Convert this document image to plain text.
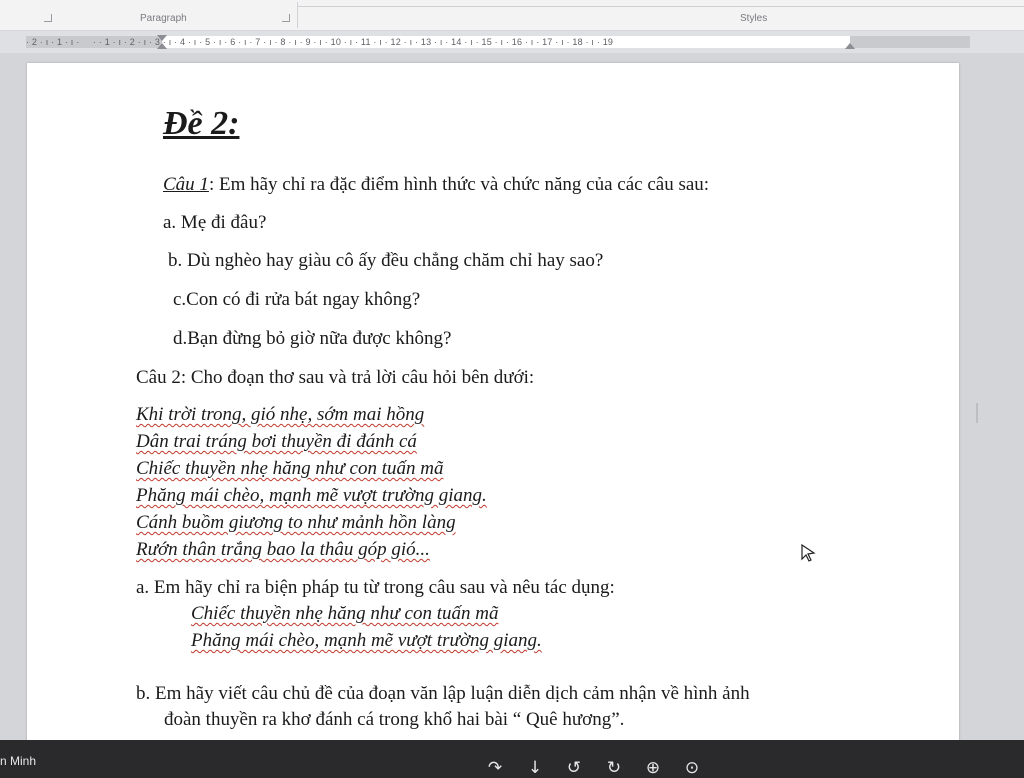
Paragraph	Styles
· 2 · ı · 1 · ı ·     · · 1 · ı · 2 · ı · 3 · ı · 4 · ı · 5 · ı · 6 · ı · 7 · ı · 8 · ı · 9 · ı · 10 · ı · 11 · ı · 12 · ı · 13 · ı · 14 · ı · 15 · ı · 16 · ı · 17 · ı · 18 · ı · 19
Đề 2:
Câu 1: Em hãy chỉ ra đặc điểm hình thức và chức năng của các câu sau:
a. Mẹ đi đâu?
b. Dù nghèo hay giàu cô ấy đều chẳng chăm chỉ hay sao?
c.Con có đi rửa bát ngay không?
d.Bạn đừng bỏ giờ nữa được không?
Câu 2: Cho đoạn thơ sau và trả lời câu hỏi bên dưới:
Khi trời trong, gió nhẹ, sớm mai hồng
Dân trai tráng bơi thuyền đi đánh cá
Chiếc thuyền nhẹ hăng như con tuấn mã
Phăng mái chèo, mạnh mẽ vượt trường giang.
Cánh buồm giương to như mảnh hồn làng
Rướn thân trắng bao la thâu góp gió...
a. Em hãy chỉ ra biện pháp tu từ trong câu sau và nêu tác dụng:
Chiếc thuyền nhẹ hăng như con tuấn mã
Phăng mái chèo, mạnh mẽ vượt trường giang.
b. Em hãy viết câu chủ đề của đoạn văn lập luận diễn dịch cảm nhận về hình ảnh
đoàn thuyền ra khơ đánh cá trong khổ hai bài “ Quê hương”.
n Minh	↷ ↓ ↺ ↻ ⊕ ⊙
